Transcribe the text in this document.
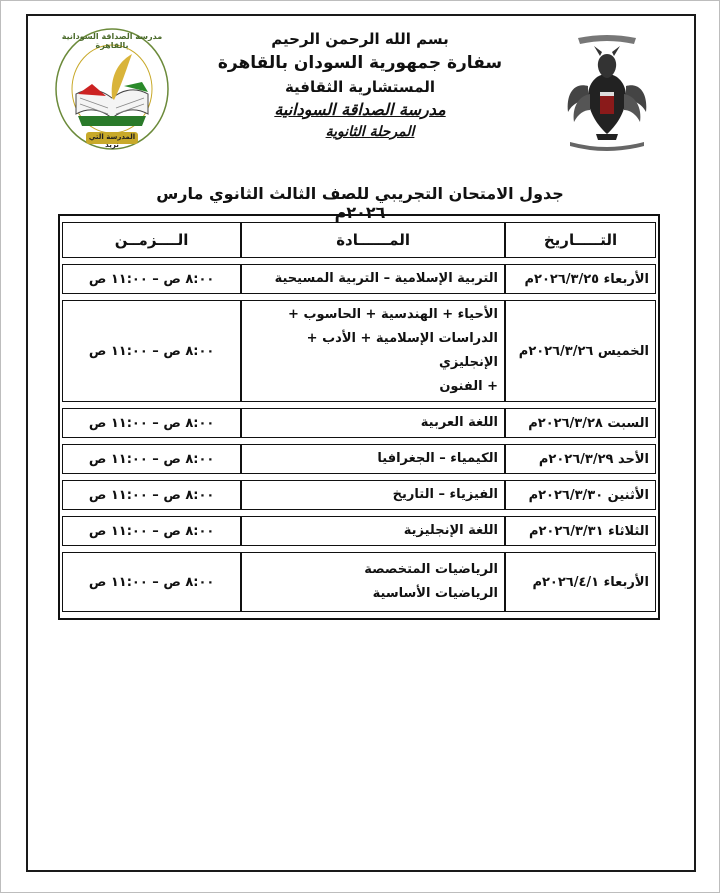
مدرسة الصداقة السودانية بالقاهرة
المدرسة التي نريد
بسم الله الرحمن الرحيم
سفارة جمهورية السودان بالقاهرة
المستشارية الثقافية
مدرسة الصداقة السودانية
المرحلة الثانوية
جدول الامتحان التجريبي للصف الثالث الثانوي مارس ٢٠٢٦م
التـــــاريخ	المــــــادة	الــــزمــن
الأربعاء ٢٠٢٦/٣/٢٥م	التربية الإسلامية – التربية المسيحية	٨:٠٠ ص – ١١:٠٠ ص
الخميس ٢٠٢٦/٣/٢٦م	الأحياء + الهندسية + الحاسوب +
الدراسات الإسلامية + الأدب + الإنجليزي
+ الفنون	٨:٠٠ ص – ١١:٠٠ ص
السبت ٢٠٢٦/٣/٢٨م	اللغة العربية	٨:٠٠ ص – ١١:٠٠ ص
الأحد ٢٠٢٦/٣/٢٩م	الكيمياء – الجغرافيا	٨:٠٠ ص – ١١:٠٠ ص
الأثنين ٢٠٢٦/٣/٣٠م	الفيزياء – التاريخ	٨:٠٠ ص – ١١:٠٠ ص
الثلاثاء ٢٠٢٦/٣/٣١م	اللغة الإنجليزية	٨:٠٠ ص – ١١:٠٠ ص
الأربعاء ٢٠٢٦/٤/١م	الرياضيات المتخصصة
الرياضيات الأساسية	٨:٠٠ ص – ١١:٠٠ ص
